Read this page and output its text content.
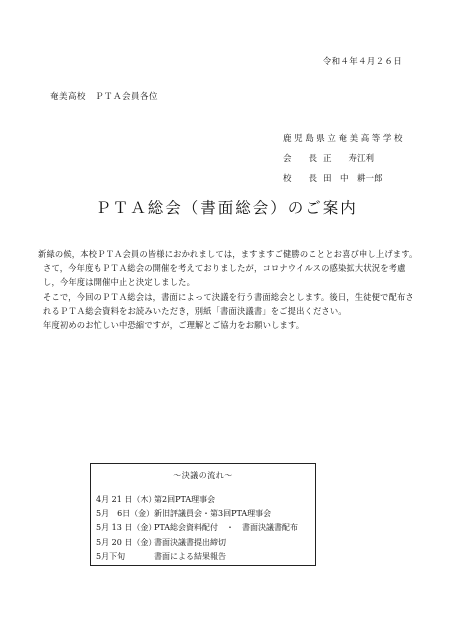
令和４年４月２６日
奄美高校　ＰＴＡ会員各位
鹿児島県立奄美高等学校
会　　長 正　　寿江利
校　　長 田　中　耕一郎
ＰＴＡ総会（書面総会）のご案内

新緑の候，本校ＰＴＡ会員の皆様におかれましては，ますますご健勝のこととお喜び申し上げます。

さて，今年度もＰＴＡ総会の開催を考えておりましたが，コロナウイルスの感染拡大状況を考慮し，今年度は開催中止と決定しました。

そこで，今回のＰＴＡ総会は，書面によって決議を行う書面総会とします。後日，生徒便で配布されるＰＴＡ総会資料をお読みいただき，別紙「書面決議書」をご提出ください。

年度初めのお忙しい中恐縮ですが，ご理解とご協力をお願いします。

～決議の流れ～
4月 21 日（木）
第2回PTA理事会
5月　6日（金） 新旧評議員会・第3回PTA理事会
5月 13 日（金）
PTA総会資料配付　・　書面決議書配布
5月 20 日（金）
書面決議書提出締切
5月下旬	書面による結果報告
